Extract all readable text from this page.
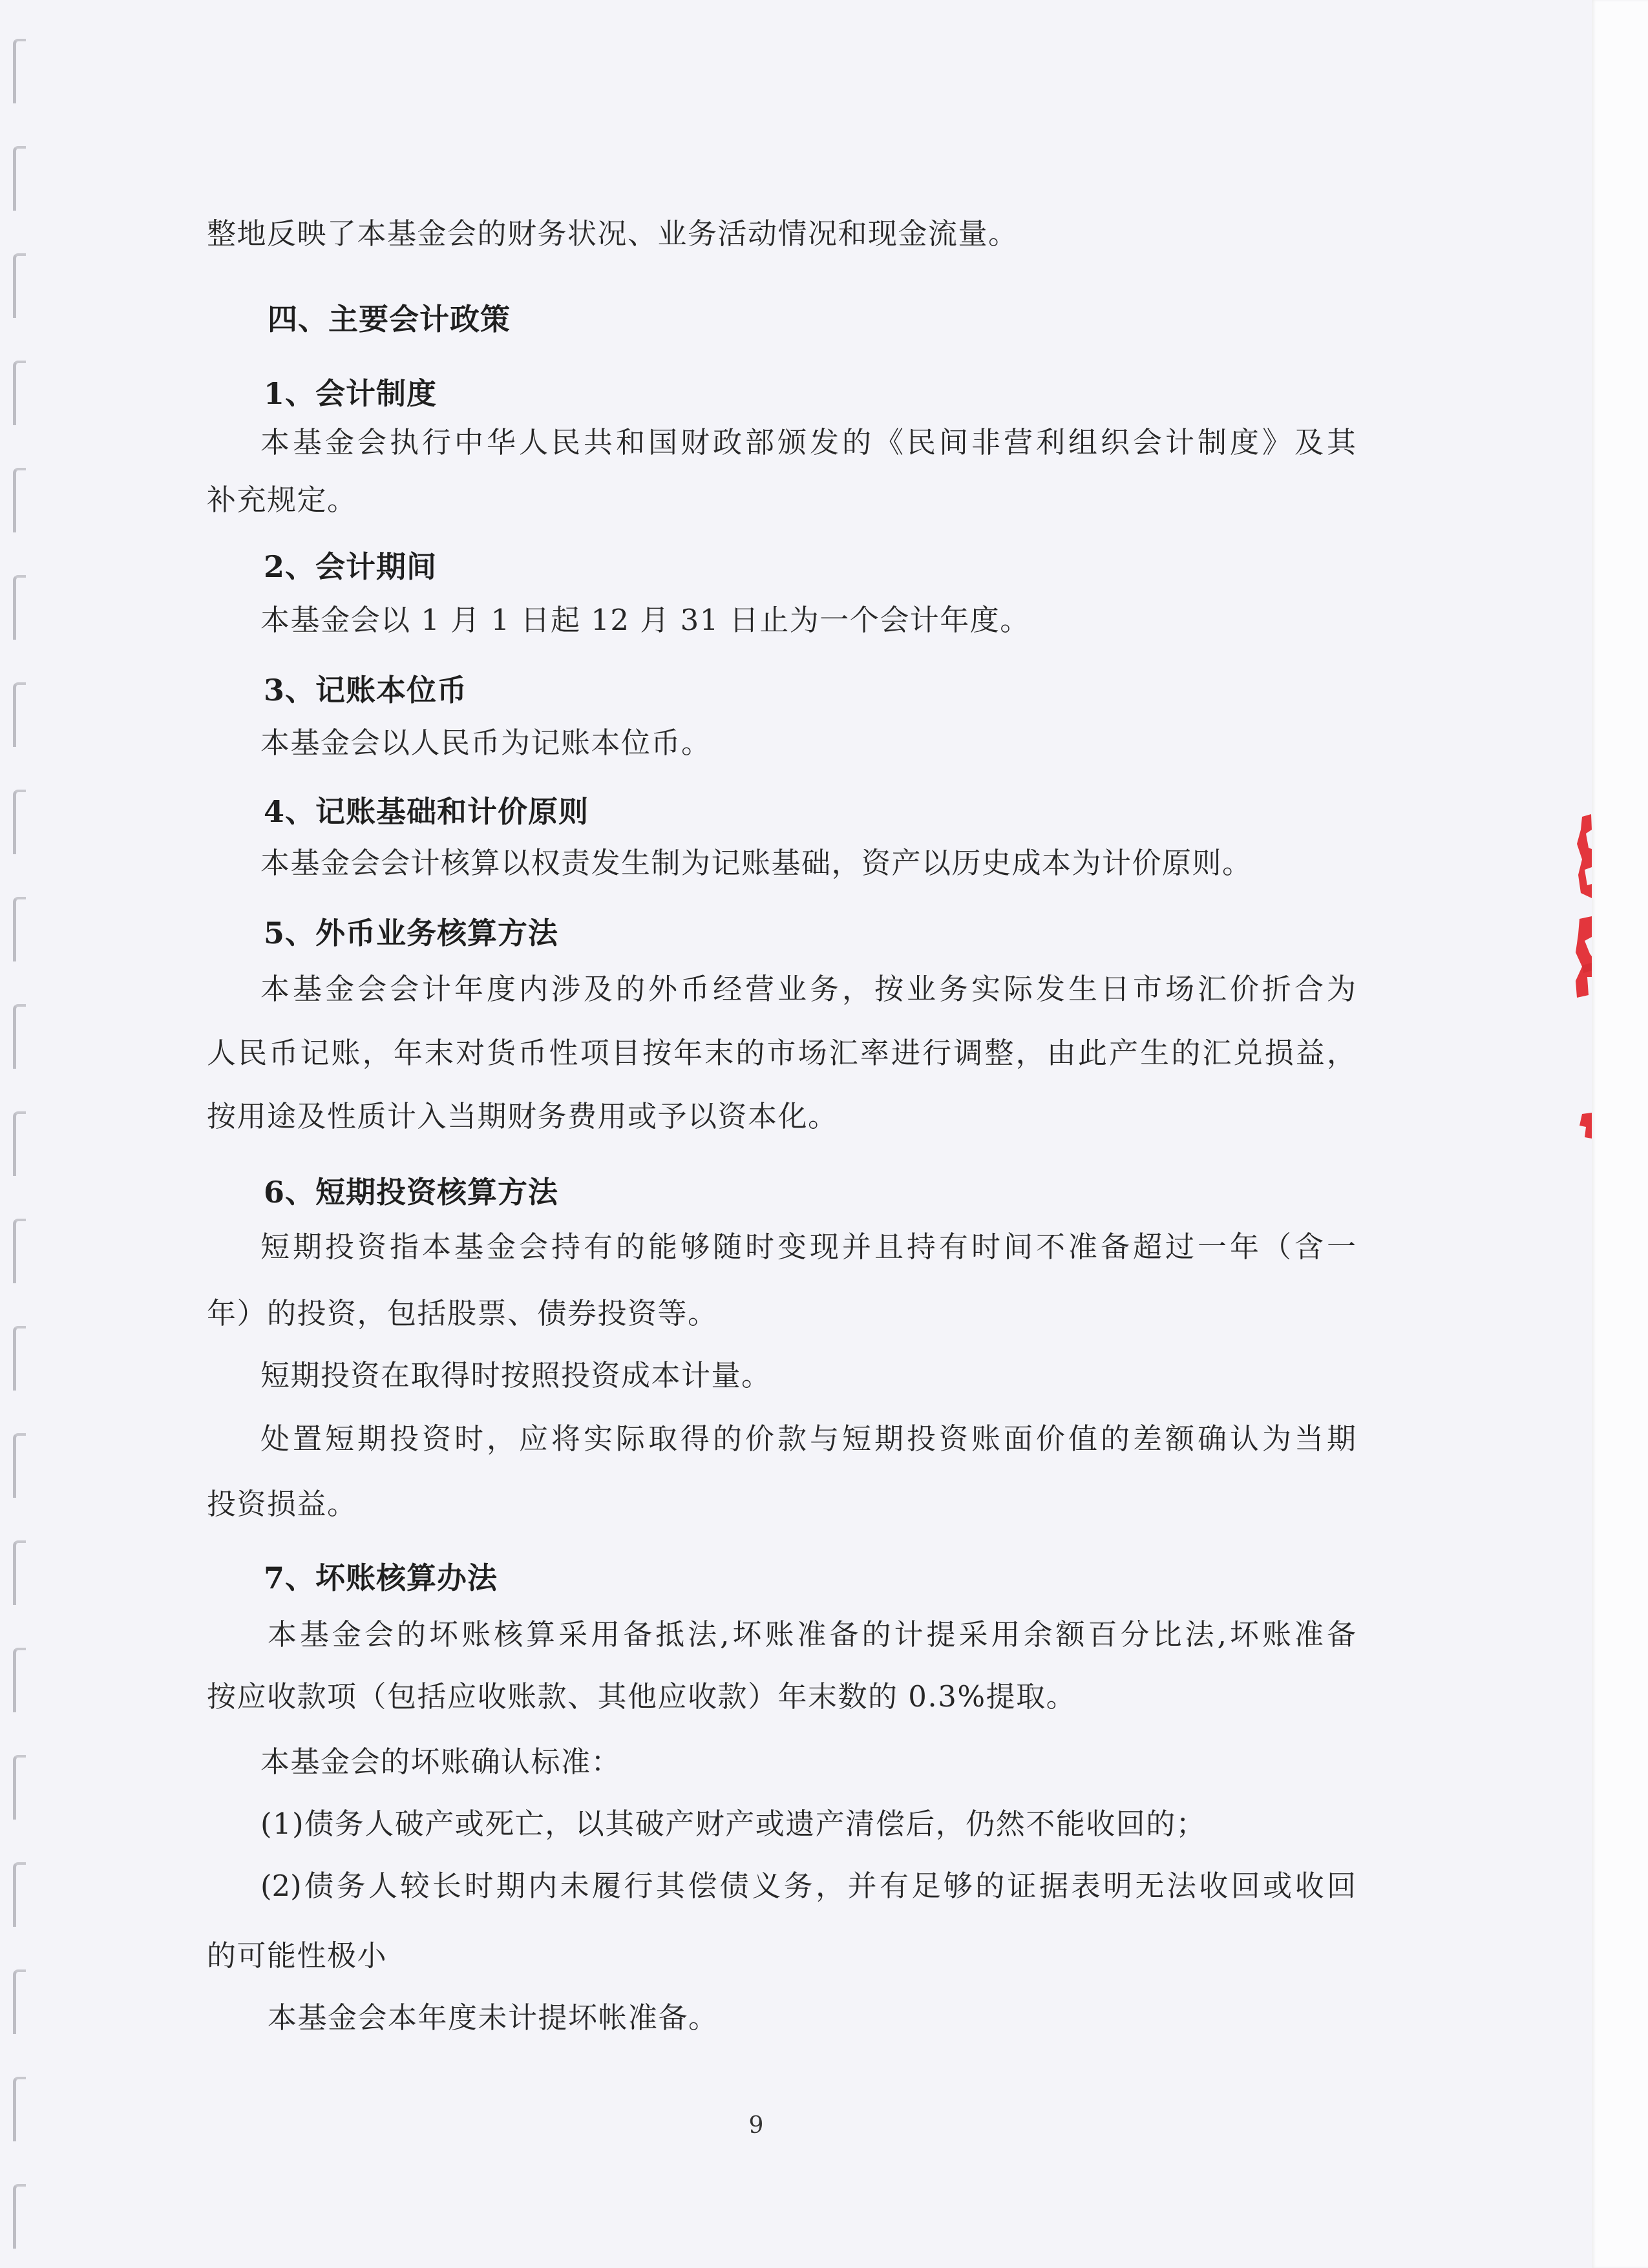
整地反映了本基金会的财务状况、业务活动情况和现金流量。
四、主要会计政策
1、会计制度
本基金会执行中华人民共和国财政部颁发的《民间非营利组织会计制度》及其
补充规定。
2、会计期间
本基金会以 1 月 1 日起 12 月 31 日止为一个会计年度。
3、记账本位币
本基金会以人民币为记账本位币。
4、记账基础和计价原则
本基金会会计核算以权责发生制为记账基础，资产以历史成本为计价原则。
5、外币业务核算方法
本基金会会计年度内涉及的外币经营业务，按业务实际发生日市场汇价折合为
人民币记账，年末对货币性项目按年末的市场汇率进行调整，由此产生的汇兑损益，
按用途及性质计入当期财务费用或予以资本化。
6、短期投资核算方法
短期投资指本基金会持有的能够随时变现并且持有时间不准备超过一年（含一
年）的投资，包括股票、债券投资等。
短期投资在取得时按照投资成本计量。
处置短期投资时，应将实际取得的价款与短期投资账面价值的差额确认为当期
投资损益。
7、坏账核算办法
本基金会的坏账核算采用备抵法,坏账准备的计提采用余额百分比法,坏账准备
按应收款项（包括应收账款、其他应收款）年末数的 0.3%提取。
本基金会的坏账确认标准：
(1)债务人破产或死亡，以其破产财产或遗产清偿后，仍然不能收回的；
(2)债务人较长时期内未履行其偿债义务，并有足够的证据表明无法收回或收回
的可能性极小
本基金会本年度未计提坏帐准备。
9
